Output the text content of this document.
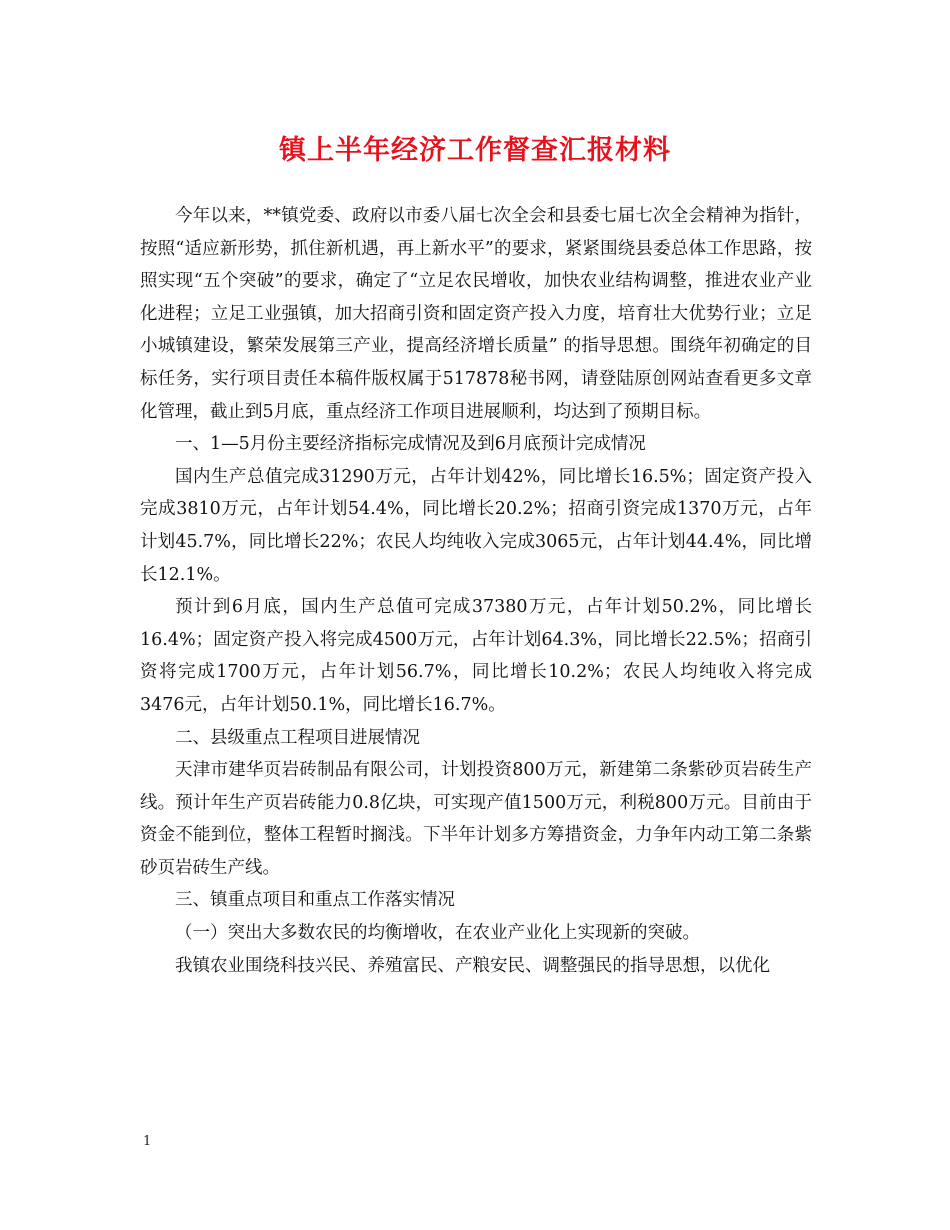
镇上半年经济工作督查汇报材料

今年以来，**镇党委、政府以市委八届七次全会和县委七届七次全会精神为指针，按照“适应新形势，抓住新机遇，再上新水平”的要求，紧紧围绕县委总体工作思路，按照实现“五个突破”的要求，确定了“立足农民增收，加快农业结构调整，推进农业产业化进程；立足工业强镇，加大招商引资和固定资产投入力度，培育壮大优势行业；立足小城镇建设，繁荣发展第三产业，提高经济增长质量” 的指导思想。围绕年初确定的目标任务，实行项目责任本稿件版权属于517878秘书网，请登陆原创网站查看更多文章化管理，截止到5月底，重点经济工作项目进展顺利，均达到了预期目标。

一、1—5月份主要经济指标完成情况及到6月底预计完成情况

国内生产总值完成31290万元，占年计划42%，同比增长16.5%；固定资产投入完成3810万元，占年计划54.4%，同比增长20.2%；招商引资完成1370万元，占年计划45.7%，同比增长22%；农民人均纯收入完成3065元，占年计划44.4%，同比增长12.1%。

预计到6月底，国内生产总值可完成37380万元，占年计划50.2%，同比增长16.4%；固定资产投入将完成4500万元，占年计划64.3%，同比增长22.5%；招商引资将完成1700万元，占年计划56.7%，同比增长10.2%；农民人均纯收入将完成3476元，占年计划50.1%，同比增长16.7%。

二、县级重点工程项目进展情况

天津市建华页岩砖制品有限公司，计划投资800万元，新建第二条紫砂页岩砖生产线。预计年生产页岩砖能力0.8亿块，可实现产值1500万元，利税800万元。目前由于资金不能到位，整体工程暂时搁浅。下半年计划多方筹措资金，力争年内动工第二条紫砂页岩砖生产线。

三、镇重点项目和重点工作落实情况

（一）突出大多数农民的均衡增收，在农业产业化上实现新的突破。

我镇农业围绕科技兴民、养殖富民、产粮安民、调整强民的指导思想，以优化

1
